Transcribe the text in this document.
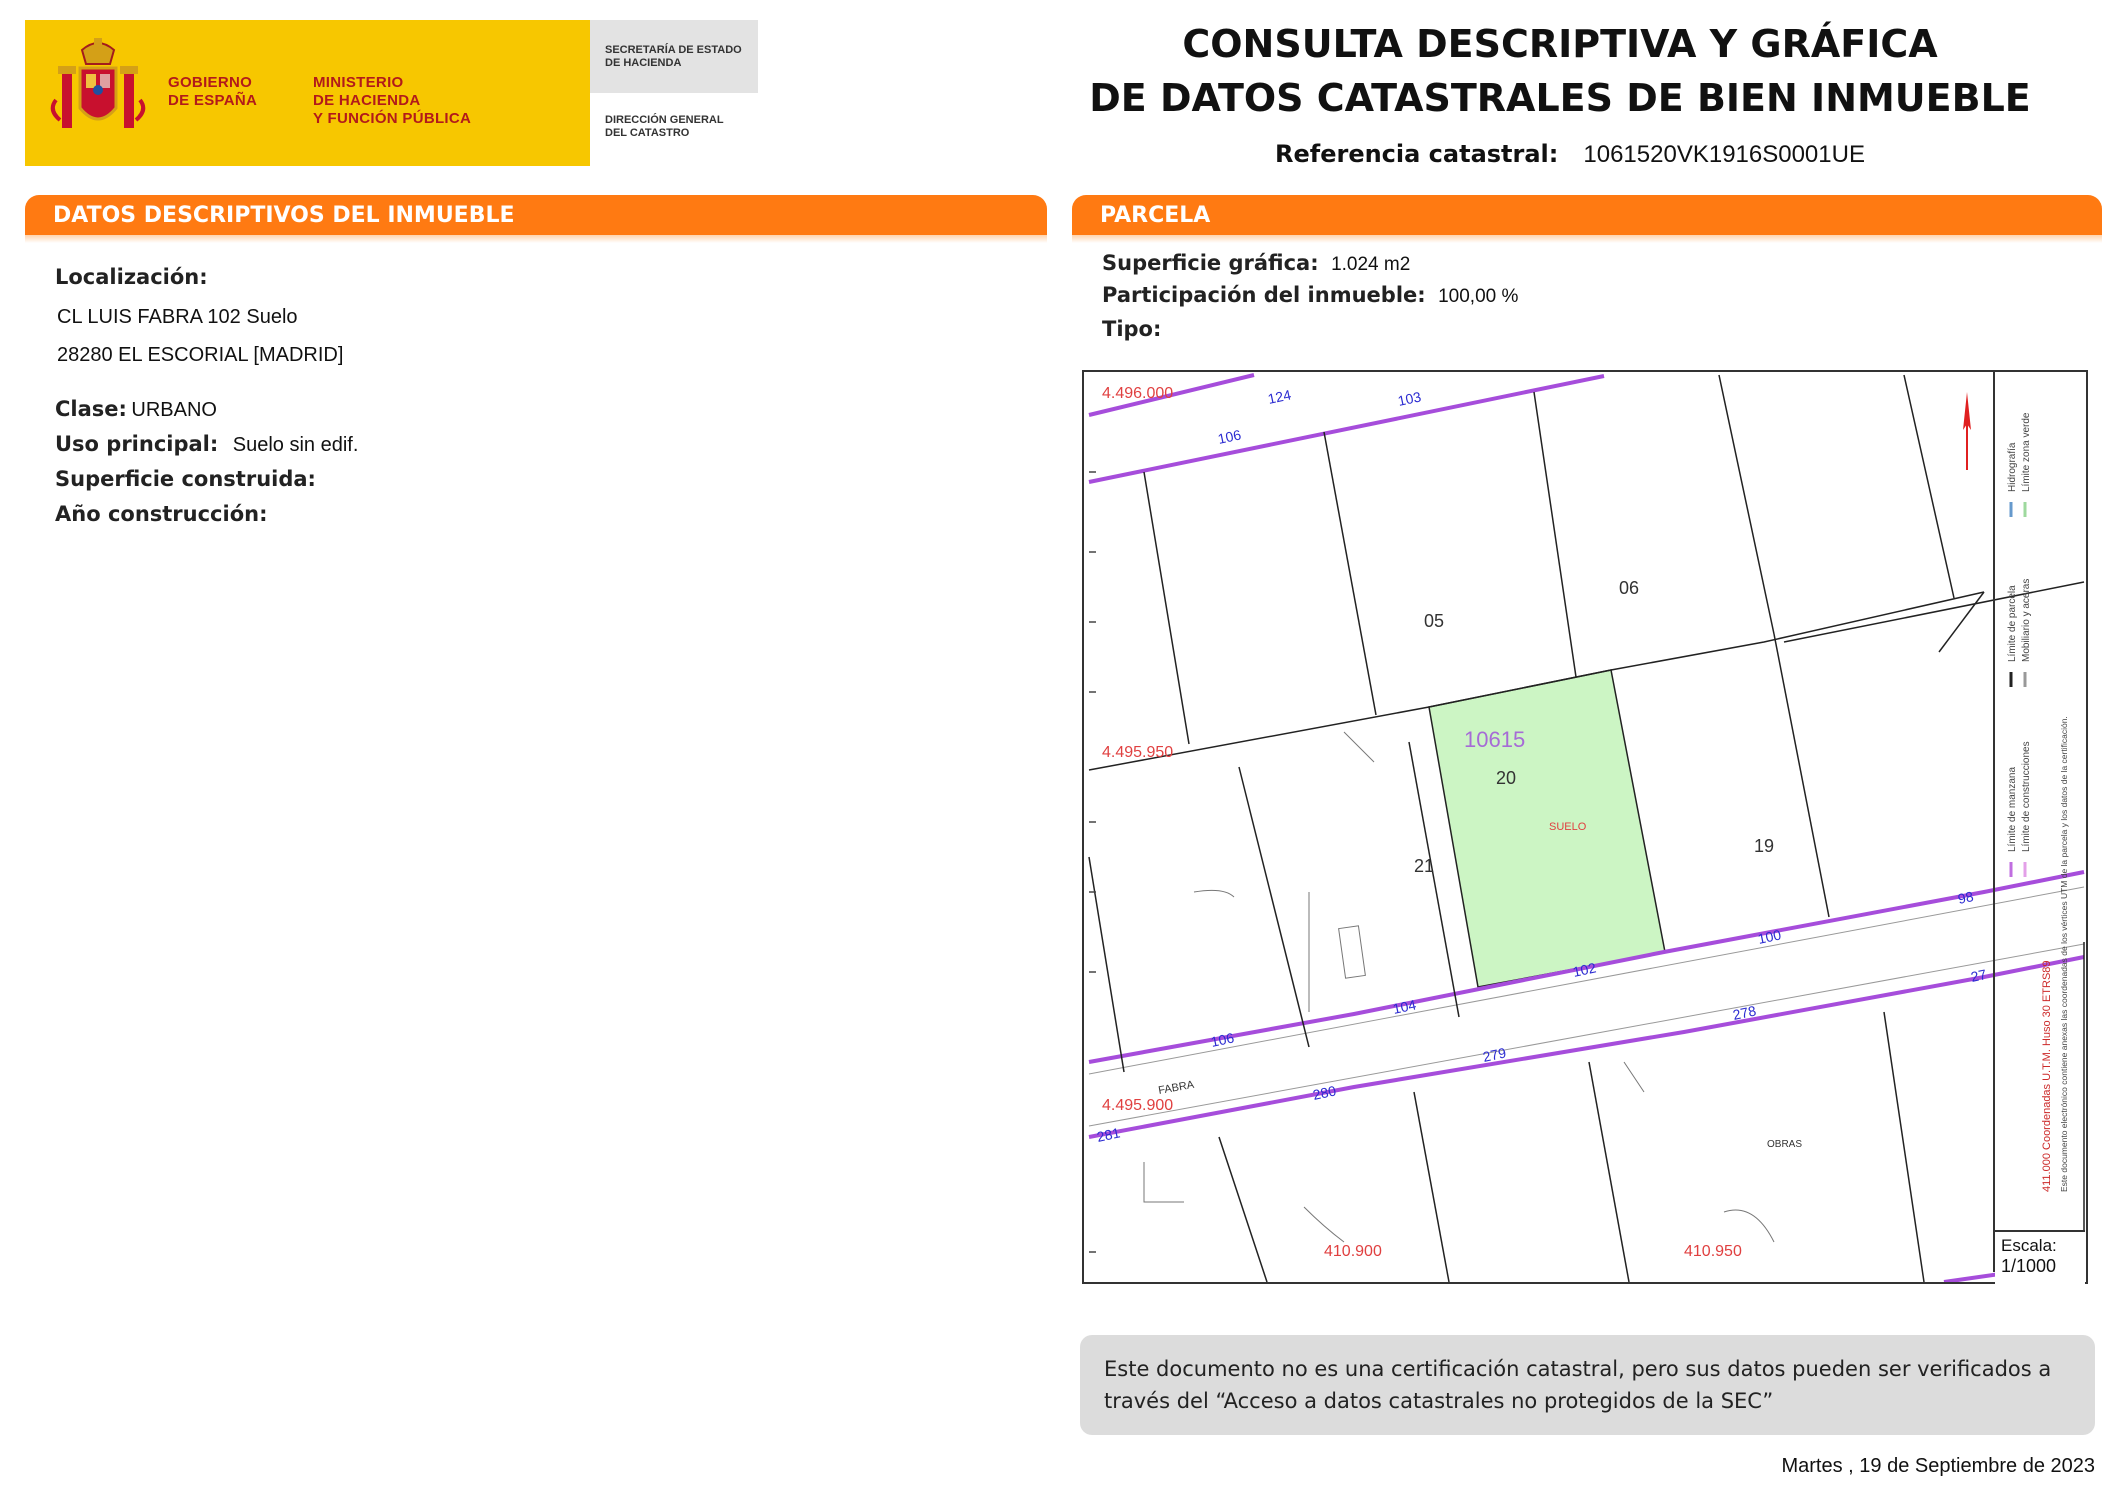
GOBIERNO
DE ESPAÑA
MINISTERIO
DE HACIENDA
Y FUNCIÓN PÚBLICA
SECRETARÍA DE ESTADO
DE HACIENDA
DIRECCIÓN GENERAL
DEL CATASTRO
CONSULTA DESCRIPTIVA Y GRÁFICA
DE DATOS CATASTRALES DE BIEN INMUEBLE
Referencia catastral: 1061520VK1916S0001UE
DATOS DESCRIPTIVOS DEL INMUEBLE
Localización:
CL LUIS FABRA 102 Suelo
28280 EL ESCORIAL [MADRID]
Clase: URBANO
Uso principal: Suelo sin edif.
Superficie construida:
Año construcción:
PARCELA
Superficie gráfica: 1.024 m2
Participación del inmueble: 100,00 %
Tipo:
4.496.000
4.495.950
4.495.900
410.900	410.950
SUELO
05
06
20
21
19
FABRA
OBRAS
10615
124	103
106
98
100
102
104
106
27
278
279
280
281
Límite de manzana
Límite de parcela
Hidrografía
Límite de construcciones
Mobiliario y aceras
Límite zona verde
411.000 Coordenadas U.T.M. Huso 30 ETRS89 Este documento electrónico contiene anexas las coordenadas de los vértices UTM de la parcela y los datos de la certificación.
Escala:
1/1000
Este documento no es una certificación catastral, pero sus datos pueden ser verificados a través del “Acceso a datos catastrales no protegidos de la SEC”
Martes , 19 de Septiembre de 2023
